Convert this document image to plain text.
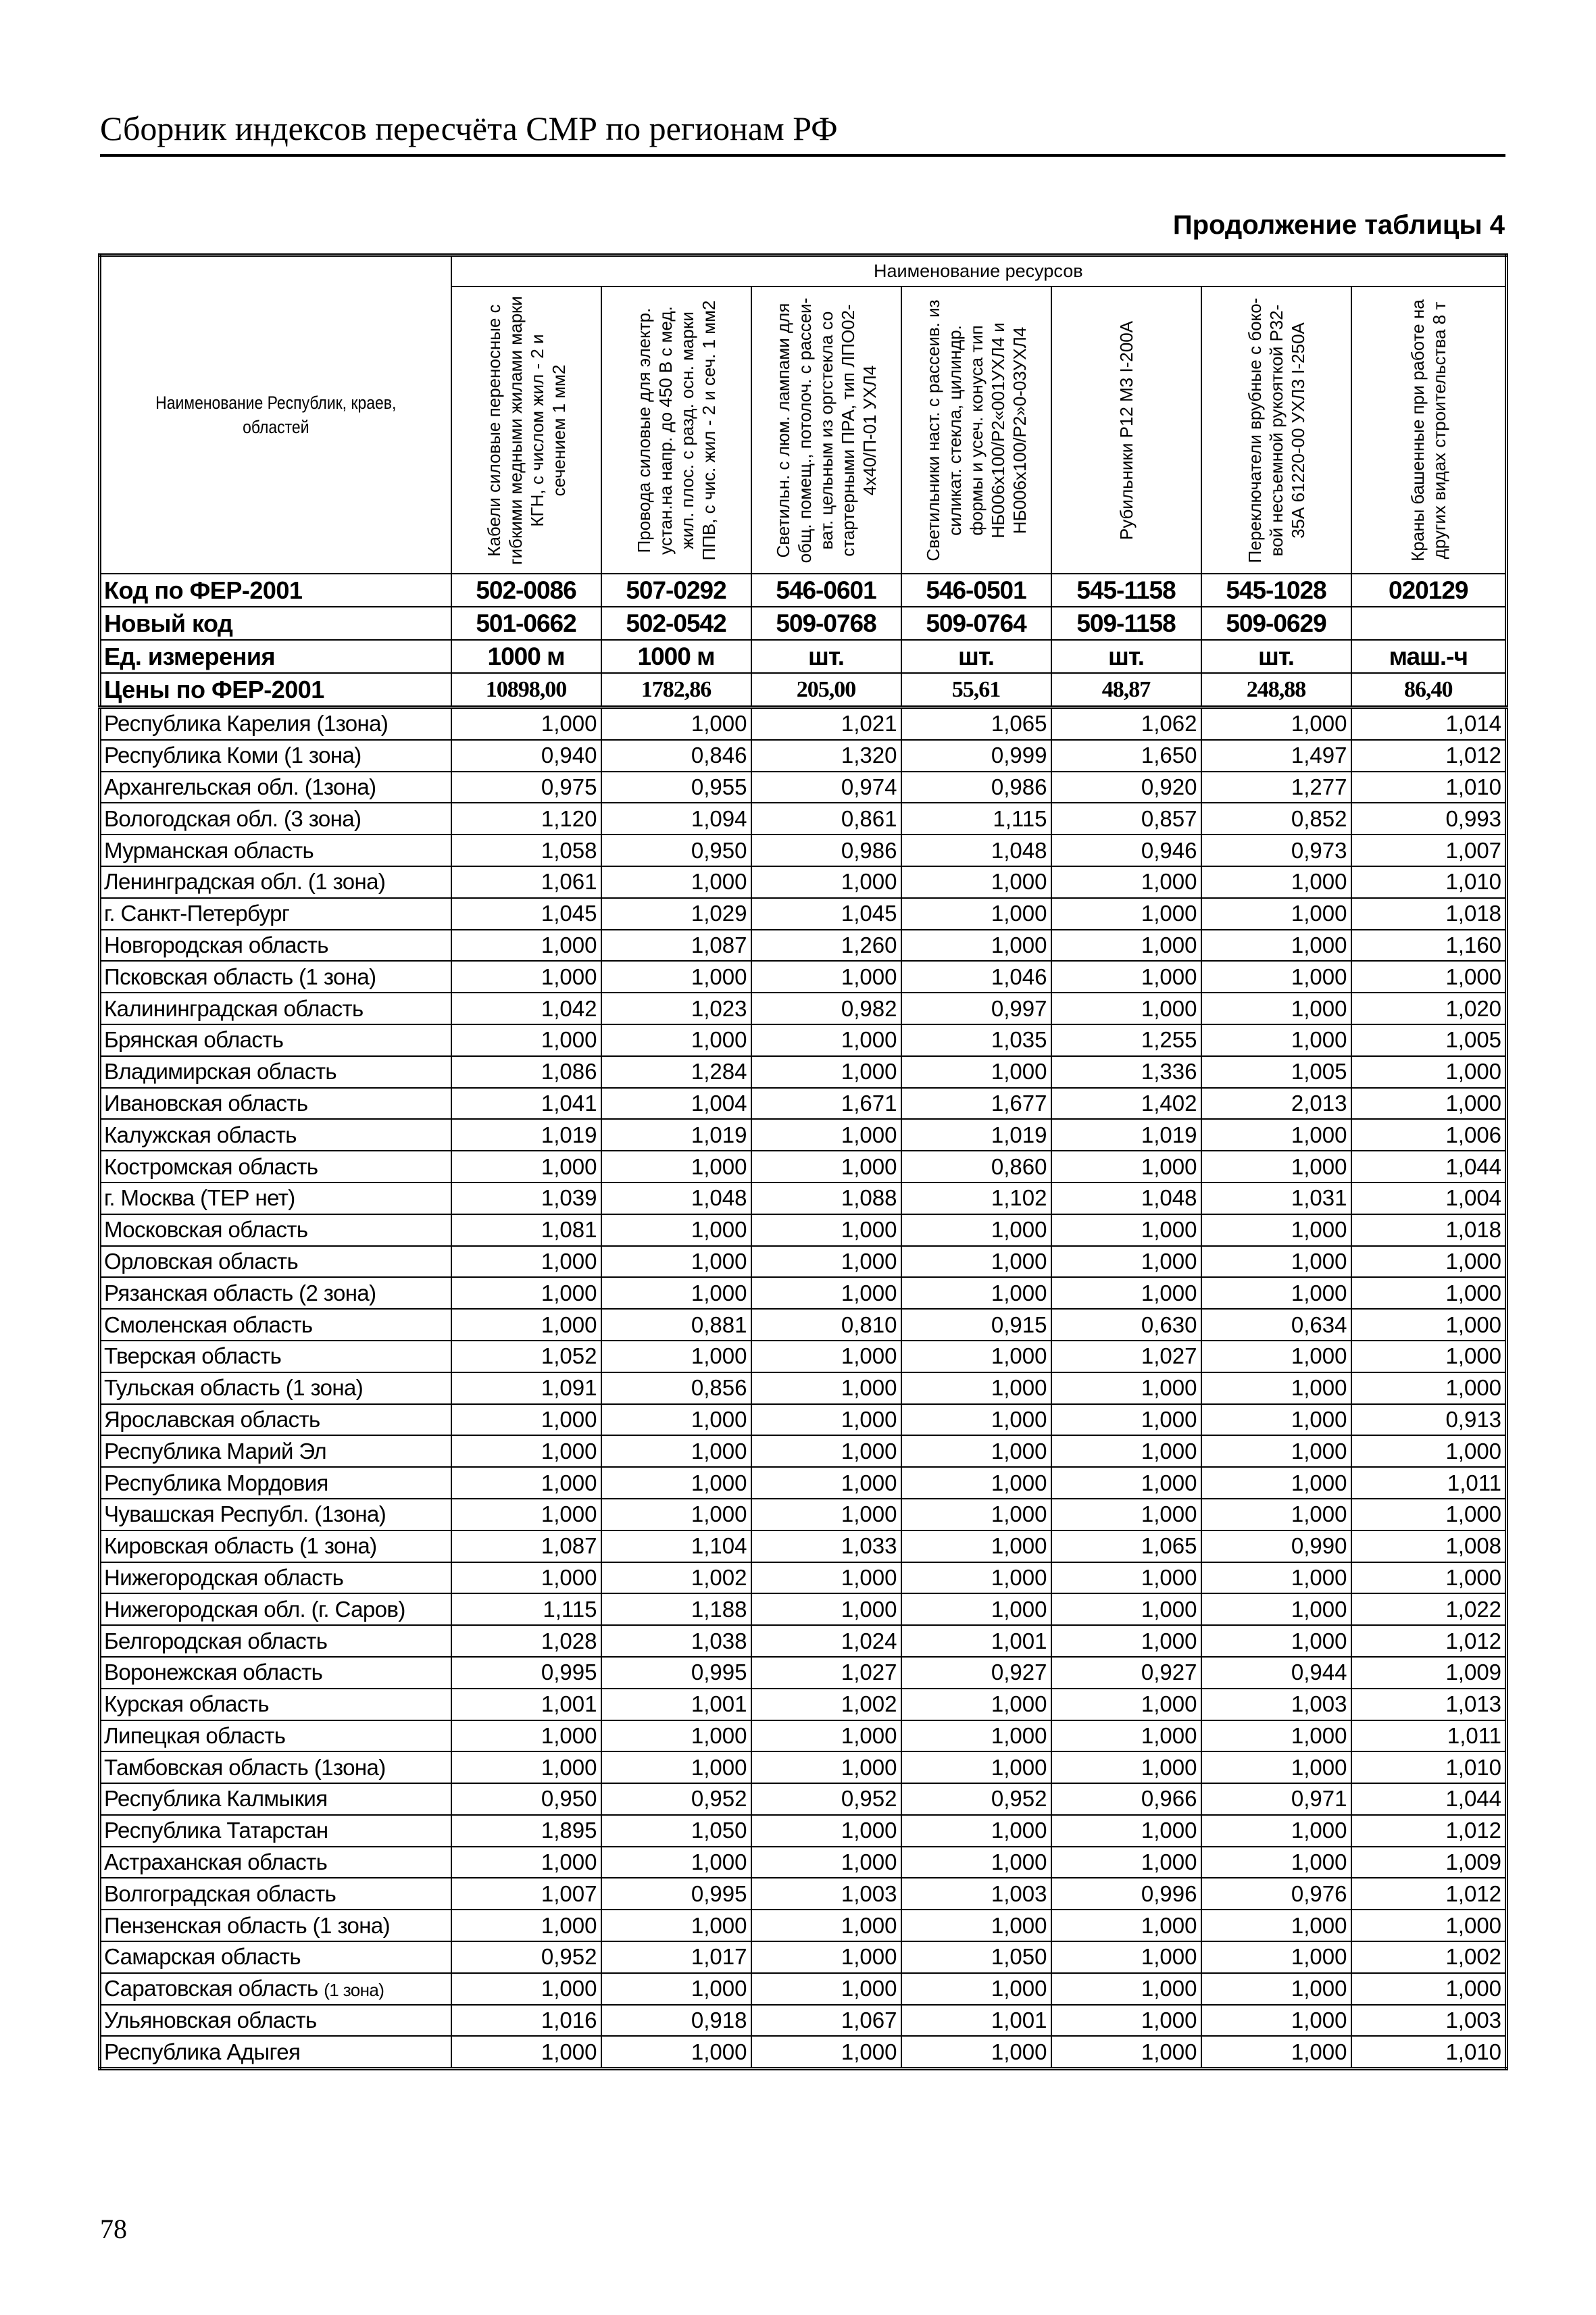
Сборник индексов пересчёта СМР по регионам РФ
Продолжение таблицы 4
Наименование Республик, краев, областей	Наименование ресурсов						

	Кабели силовые переносные с гибкими медными жилами марки КГН, с числом жил - 2 и сечением 1 мм2	Провода силовые для электр. устан.на напр. до 450 В с мед. жил. плос. с разд. осн. марки ППВ, с чис. жил - 2 и сеч. 1 мм2	Светильн. с люм. лампами для общ. помещ., потолоч. с рассеи-ват. цельным из оргстекла со стартерными ПРА, тип ЛПО02-4х40/П-01 УХЛ4	Светильники наст. с рассеив. из силикат. стекла, цилиндр. формы и усеч. конуса тип НБ006х100/Р2«001УХЛ4 и НБ006х100/Р2»0-03УХЛ4	Рубильники Р12 М3 I-200А	Переключатели врубные с боко-вой несъемной рукояткой Р32-35А 61220-00 УХЛ3 I-250А	Краны башенные при работе на других видах строительства 8 т

Код по ФЕР-2001	502-0086	507-0292	546-0601	546-0501	545-1158	545-1028	020129
Новый код	501-0662	502-0542	509-0768	509-0764	509-1158	509-0629	
Ед. измерения	1000 м	1000 м	шт.	шт.	шт.	шт.	маш.-ч
Цены по ФЕР-2001	10898,00	1782,86	205,00	55,61	48,87	248,88	86,40
Республика Карелия (1зона)	1,000	1,000	1,021	1,065	1,062	1,000	1,014
Республика Коми (1 зона)	0,940	0,846	1,320	0,999	1,650	1,497	1,012
Архангельская обл. (1зона)	0,975	0,955	0,974	0,986	0,920	1,277	1,010
Вологодская обл. (3 зона)	1,120	1,094	0,861	1,115	0,857	0,852	0,993
Мурманская область	1,058	0,950	0,986	1,048	0,946	0,973	1,007
Ленинградская обл. (1 зона)	1,061	1,000	1,000	1,000	1,000	1,000	1,010
г. Санкт-Петербург	1,045	1,029	1,045	1,000	1,000	1,000	1,018
Новгородская область	1,000	1,087	1,260	1,000	1,000	1,000	1,160
Псковская область (1 зона)	1,000	1,000	1,000	1,046	1,000	1,000	1,000
Калининградская область	1,042	1,023	0,982	0,997	1,000	1,000	1,020
Брянская область	1,000	1,000	1,000	1,035	1,255	1,000	1,005
Владимирская область	1,086	1,284	1,000	1,000	1,336	1,005	1,000
Ивановская область	1,041	1,004	1,671	1,677	1,402	2,013	1,000
Калужская область	1,019	1,019	1,000	1,019	1,019	1,000	1,006
Костромская область	1,000	1,000	1,000	0,860	1,000	1,000	1,044
г. Москва (ТЕР нет)	1,039	1,048	1,088	1,102	1,048	1,031	1,004
Московская область	1,081	1,000	1,000	1,000	1,000	1,000	1,018
Орловская область	1,000	1,000	1,000	1,000	1,000	1,000	1,000
Рязанская область (2 зона)	1,000	1,000	1,000	1,000	1,000	1,000	1,000
Смоленская область	1,000	0,881	0,810	0,915	0,630	0,634	1,000
Тверская область	1,052	1,000	1,000	1,000	1,027	1,000	1,000
Тульская область (1 зона)	1,091	0,856	1,000	1,000	1,000	1,000	1,000
Ярославская область	1,000	1,000	1,000	1,000	1,000	1,000	0,913
Республика Марий Эл	1,000	1,000	1,000	1,000	1,000	1,000	1,000
Республика Мордовия	1,000	1,000	1,000	1,000	1,000	1,000	1,011
Чувашская Республ. (1зона)	1,000	1,000	1,000	1,000	1,000	1,000	1,000
Кировская область (1 зона)	1,087	1,104	1,033	1,000	1,065	0,990	1,008
Нижегородская область	1,000	1,002	1,000	1,000	1,000	1,000	1,000
Нижегородская обл. (г. Саров)	1,115	1,188	1,000	1,000	1,000	1,000	1,022
Белгородская область	1,028	1,038	1,024	1,001	1,000	1,000	1,012
Воронежская область	0,995	0,995	1,027	0,927	0,927	0,944	1,009
Курская область	1,001	1,001	1,002	1,000	1,000	1,003	1,013
Липецкая область	1,000	1,000	1,000	1,000	1,000	1,000	1,011
Тамбовская область (1зона)	1,000	1,000	1,000	1,000	1,000	1,000	1,010
Республика Калмыкия	0,950	0,952	0,952	0,952	0,966	0,971	1,044
Республика Татарстан	1,895	1,050	1,000	1,000	1,000	1,000	1,012
Астраханская область	1,000	1,000	1,000	1,000	1,000	1,000	1,009
Волгоградская область	1,007	0,995	1,003	1,003	0,996	0,976	1,012
Пензенская область (1 зона)	1,000	1,000	1,000	1,000	1,000	1,000	1,000
Самарская область	0,952	1,017	1,000	1,050	1,000	1,000	1,002
Саратовская область (1 зона)	1,000	1,000	1,000	1,000	1,000	1,000	1,000
Ульяновская область	1,016	0,918	1,067	1,001	1,000	1,000	1,003
Республика Адыгея	1,000	1,000	1,000	1,000	1,000	1,000	1,010
78
